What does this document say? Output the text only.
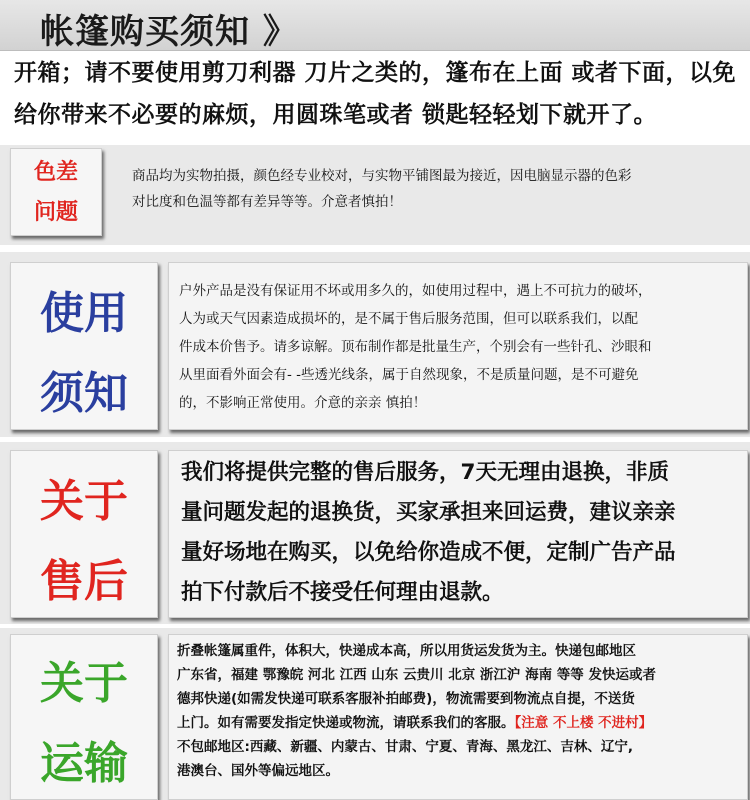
帐篷购买须知 》

开箱；请不要使用剪刀利器 刀片之类的，篷布在上面 或者下面，以免

给你带来不必要的麻烦，用圆珠笔或者 锁匙轻轻划下就开了。

色差
问题

商品均为实物拍摄，颜色经专业校对，与实物平铺图最为接近，因电脑显示器的色彩

对比度和色温等都有差异等等。介意者慎拍！

使用
须知

户外产品是没有保证用不坏或用多久的，如使用过程中，遇上不可抗力的破坏，

人为或天气因素造成损坏的，是不属于售后服务范围，但可以联系我们，以配

件成本价售予。请多谅解。顶布制作都是批量生产，个别会有一些针孔、沙眼和

从里面看外面会有- -些透光线条，属于自然现象，不是质量问题，是不可避免

的，不影响正常使用。介意的亲亲 慎拍！

关于
售后

我们将提供完整的售后服务，7天无理由退换，非质

量问题发起的退换货，买家承担来回运费，建议亲亲

量好场地在购买，以免给你造成不便，定制广告产品

拍下付款后不接受任何理由退款。

关于
运输

折叠帐篷属重件，体积大，快递成本高，所以用货运发货为主。快递包邮地区

广东省，福建 鄂豫皖 河北 江西 山东 云贵川 北京 浙江沪 海南 等等 发快运或者

德邦快递(如需发快递可联系客服补拍邮费)，物流需要到物流点自提，不送货

上门。如有需要发指定快递或物流，请联系我们的客服。【注意 不上楼 不进村】

不包邮地区:西藏、新疆、内蒙古、甘肃、宁夏、青海、黑龙江、吉林、辽宁,

港澳台、国外等偏远地区。
